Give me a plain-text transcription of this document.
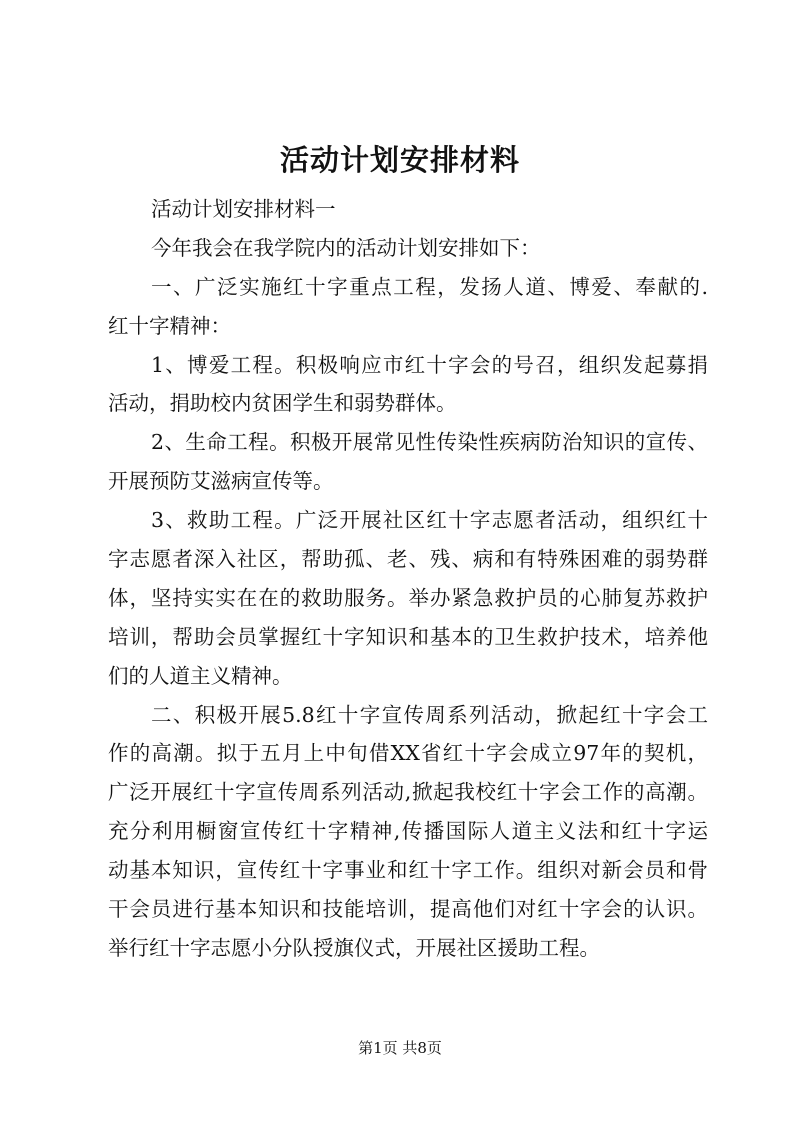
活动计划安排材料
活动计划安排材料一
今年我会在我学院内的活动计划安排如下：
一、广泛实施红十字重点工程，发扬人道、博爱、奉献的.
红十字精神：
1、博爱工程。积极响应市红十字会的号召，组织发起募捐
活动，捐助校内贫困学生和弱势群体。
2、生命工程。积极开展常见性传染性疾病防治知识的宣传、
开展预防艾滋病宣传等。
3、救助工程。广泛开展社区红十字志愿者活动，组织红十
字志愿者深入社区，帮助孤、老、残、病和有特殊困难的弱势群
体，坚持实实在在的救助服务。举办紧急救护员的心肺复苏救护
培训，帮助会员掌握红十字知识和基本的卫生救护技术，培养他
们的人道主义精神。
二、积极开展5.8红十字宣传周系列活动，掀起红十字会工
作的高潮。拟于五月上中旬借XX省红十字会成立97年的契机，
广泛开展红十字宣传周系列活动,掀起我校红十字会工作的高潮。
充分利用橱窗宣传红十字精神,传播国际人道主义法和红十字运
动基本知识，宣传红十字事业和红十字工作。组织对新会员和骨
干会员进行基本知识和技能培训，提高他们对红十字会的认识。
举行红十字志愿小分队授旗仪式，开展社区援助工程。
第1页 共8页
